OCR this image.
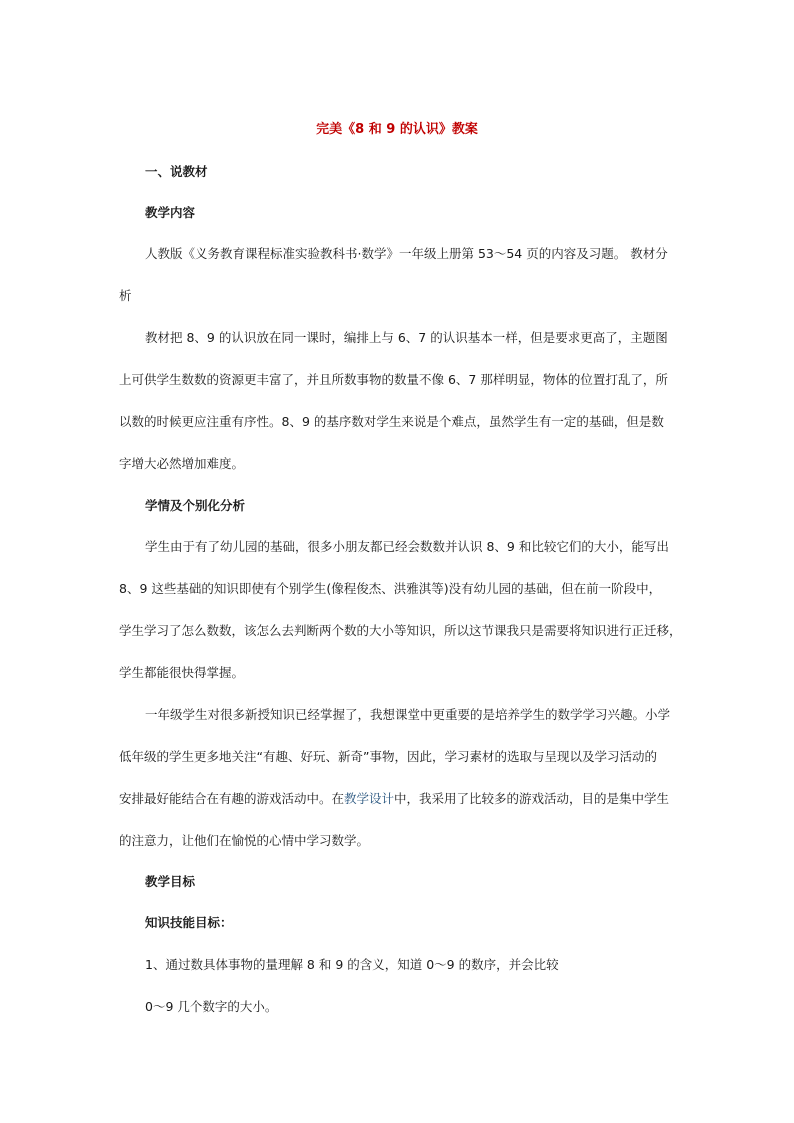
完美《8 和 9 的认识》教案
一、说教材
教学内容
人教版《义务教育课程标准实验教科书·数学》一年级上册第 53～54 页的内容及习题。 教材分
析
教材把 8、9 的认识放在同一课时，编排上与 6、7 的认识基本一样，但是要求更高了，主题图
上可供学生数数的资源更丰富了，并且所数事物的数量不像 6、7 那样明显，物体的位置打乱了，所
以数的时候更应注重有序性。8、9 的基序数对学生来说是个难点，虽然学生有一定的基础，但是数
字增大必然增加难度。
学情及个别化分析
学生由于有了幼儿园的基础，很多小朋友都已经会数数并认识 8、9 和比较它们的大小，能写出
8、9 这些基础的知识即使有个别学生(像程俊杰、洪雅淇等)没有幼儿园的基础，但在前一阶段中，
学生学习了怎么数数，该怎么去判断两个数的大小等知识，所以这节课我只是需要将知识进行正迁移，
学生都能很快得掌握。
一年级学生对很多新授知识已经掌握了，我想课堂中更重要的是培养学生的数学学习兴趣。小学
低年级的学生更多地关注“有趣、好玩、新奇”事物，因此，学习素材的选取与呈现以及学习活动的
安排最好能结合在有趣的游戏活动中。在教学设计中，我采用了比较多的游戏活动，目的是集中学生
的注意力，让他们在愉悦的心情中学习数学。
教学目标
知识技能目标：
1、通过数具体事物的量理解 8 和 9 的含义，知道 0～9 的数序，并会比较
0～9 几个数字的大小。
